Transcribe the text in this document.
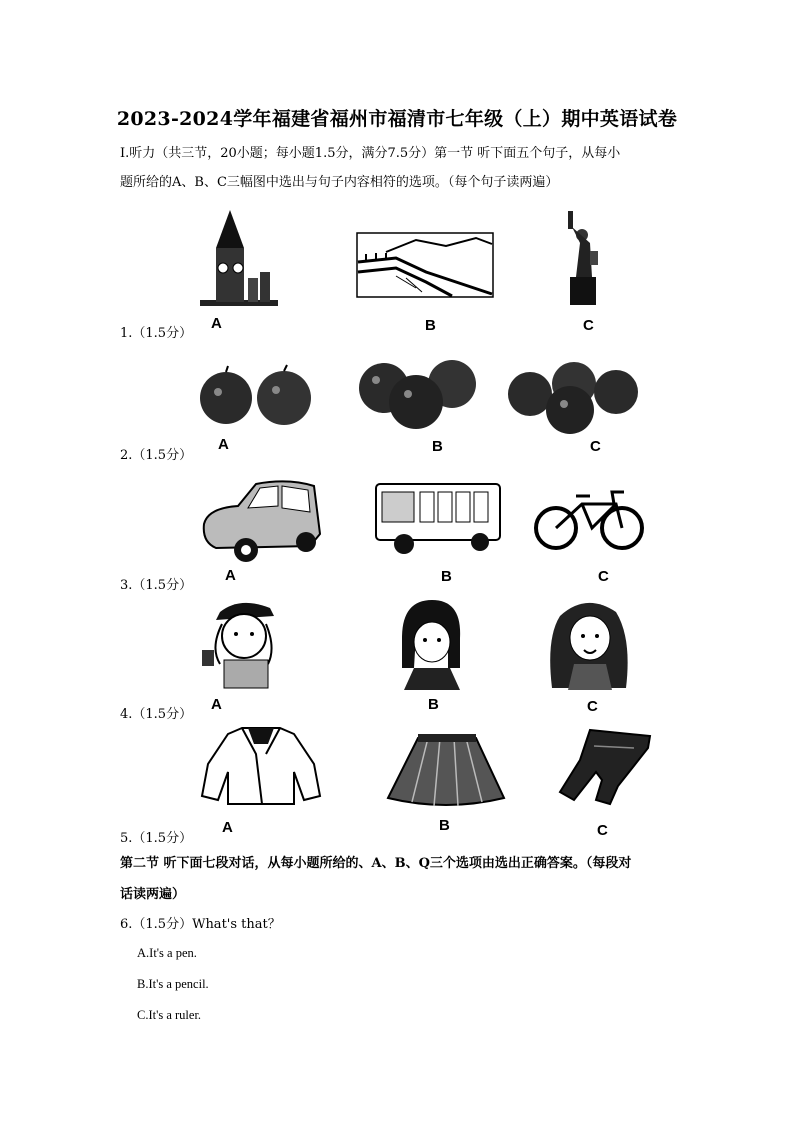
2023-2024学年福建省福州市福清市七年级（上）期中英语试卷
Ⅰ.听力（共三节，20小题；每小题1.5分，满分7.5分）第一节 听下面五个句子，从每小
题所给的A、B、C三幅图中选出与句子内容相符的选项。（每个句子读两遍）
1.（1.5分）
A	B	C
2.（1.5分）
A	B	C
3.（1.5分）
A	B	C
4.（1.5分）
A	B	C
5.（1.5分）
A	B	C
第二节 听下面七段对话，从每小题所给的、A、B、Q三个选项由选出正确答案。（每段对
话读两遍）
6.（1.5分）What's that？
A.It's a pen.
B.It's a pencil.
C.It's a ruler.
